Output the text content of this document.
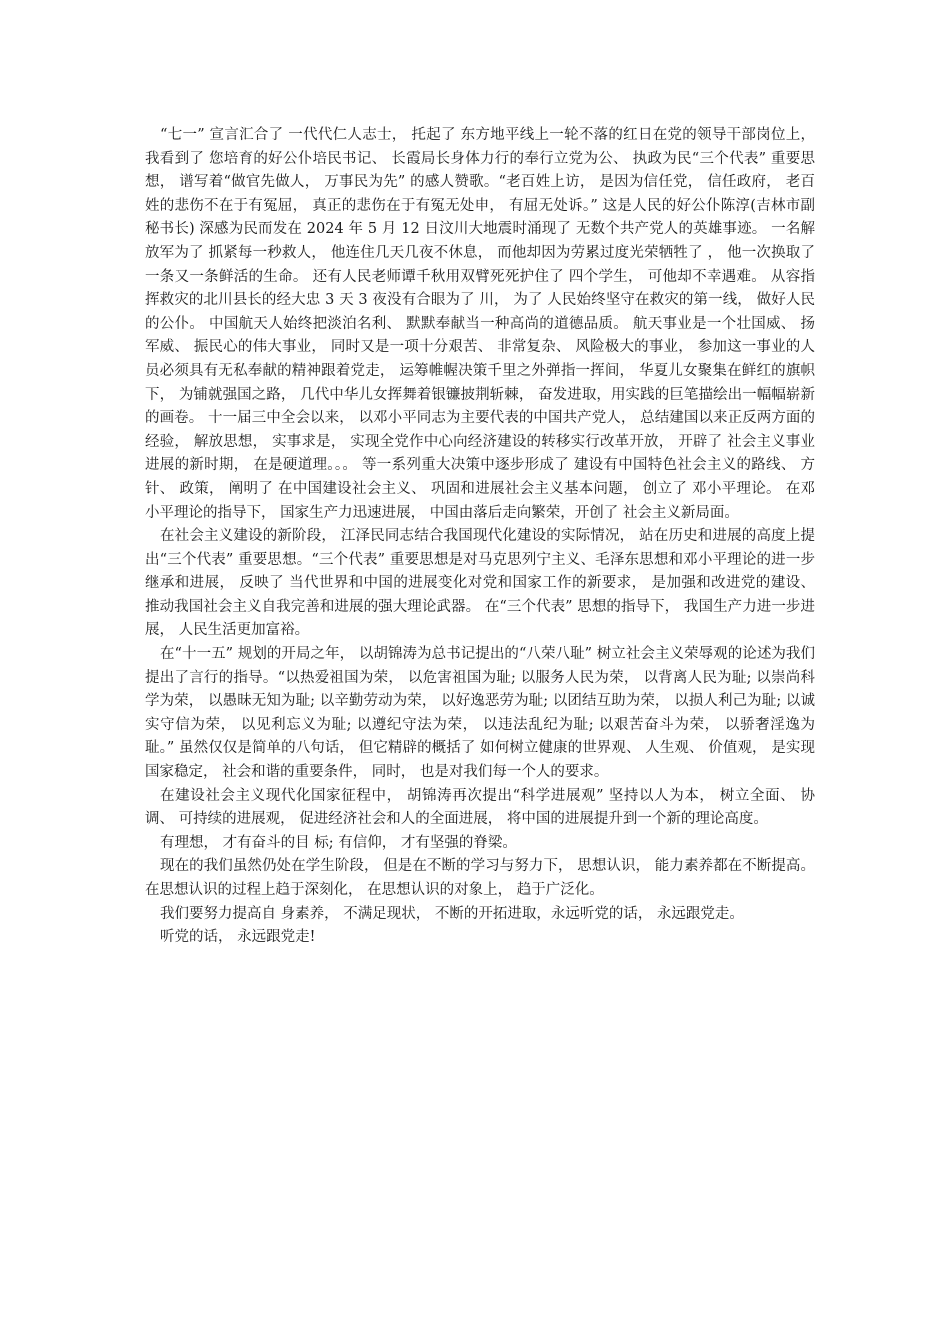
“七一” 宣言汇合了 一代代仁人志士， 托起了 东方地平线上一轮不落的红日在党的领导干部岗位上， 我看到了 您培育的好公仆培民书记、 长霞局长身体力行的奉行立党为公、 执政为民“三个代表” 重要思想， 谱写着“做官先做人， 万事民为先” 的感人赞歌。“老百姓上访， 是因为信任党， 信任政府， 老百姓的悲伤不在于有冤屈， 真正的悲伤在于有冤无处申， 有屈无处诉。” 这是人民的好公仆陈淳(吉林市副秘书长) 深感为民而发在 2024 年 5 月 12 日汶川大地震时涌现了 无数个共产党人的英雄事迹。 一名解放军为了 抓紧每一秒救人， 他连住几天几夜不休息， 而他却因为劳累过度光荣牺牲了 ， 他一次换取了 一条又一条鲜活的生命。 还有人民老师谭千秋用双臂死死护住了 四个学生， 可他却不幸遇难。 从容指挥救灾的北川县长的经大忠 3 天 3 夜没有合眼为了 川， 为了 人民始终坚守在救灾的第一线， 做好人民的公仆。 中国航天人始终把淡泊名利、 默默奉献当一种高尚的道德品质。 航天事业是一个壮国威、 扬军威、 振民心的伟大事业， 同时又是一项十分艰苦、 非常复杂、 风险极大的事业， 参加这一事业的人员必须具有无私奉献的精神跟着党走， 运筹帷幄决策千里之外弹指一挥间， 华夏儿女聚集在鲜红的旗帜下， 为铺就强国之路， 几代中华儿女挥舞着银镰披荆斩棘， 奋发进取，用实践的巨笔描绘出一幅幅崭新的画卷。 十一届三中全会以来， 以邓小平同志为主要代表的中国共产党人， 总结建国以来正反两方面的经验， 解放思想， 实事求是， 实现全党作中心向经济建设的转移实行改革开放， 开辟了 社会主义事业进展的新时期， 在是硬道理。。。 等一系列重大决策中逐步形成了 建设有中国特色社会主义的路线、 方针、 政策， 阐明了 在中国建设社会主义、 巩固和进展社会主义基本问题， 创立了 邓小平理论。 在邓小平理论的指导下， 国家生产力迅速进展， 中国由落后走向繁荣，开创了 社会主义新局面。

在社会主义建设的新阶段， 江泽民同志结合我国现代化建设的实际情况， 站在历史和进展的高度上提出“三个代表” 重要思想。“三个代表” 重要思想是对马克思列宁主义、毛泽东思想和邓小平理论的进一步继承和进展， 反映了 当代世界和中国的进展变化对党和国家工作的新要求， 是加强和改进党的建设、 推动我国社会主义自我完善和进展的强大理论武器。 在“三个代表” 思想的指导下， 我国生产力进一步进展， 人民生活更加富裕。

在“十一五” 规划的开局之年， 以胡锦涛为总书记提出的“八荣八耻” 树立社会主义荣辱观的论述为我们提出了言行的指导。“以热爱祖国为荣， 以危害祖国为耻; 以服务人民为荣， 以背离人民为耻; 以崇尚科学为荣， 以愚昧无知为耻; 以辛勤劳动为荣， 以好逸恶劳为耻; 以团结互助为荣， 以损人利己为耻; 以诚实守信为荣， 以见利忘义为耻; 以遵纪守法为荣， 以违法乱纪为耻; 以艰苦奋斗为荣， 以骄奢淫逸为耻。” 虽然仅仅是简单的八句话， 但它精辟的概括了 如何树立健康的世界观、 人生观、 价值观， 是实现国家稳定， 社会和谐的重要条件， 同时， 也是对我们每一个人的要求。

在建设社会主义现代化国家征程中， 胡锦涛再次提出“科学进展观” 坚持以人为本， 树立全面、 协调、 可持续的进展观， 促进经济社会和人的全面进展， 将中国的进展提升到一个新的理论高度。

有理想， 才有奋斗的目 标; 有信仰， 才有坚强的脊梁。

现在的我们虽然仍处在学生阶段， 但是在不断的学习与努力下， 思想认识， 能力素养都在不断提高。 在思想认识的过程上趋于深刻化， 在思想认识的对象上， 趋于广泛化。

我们要努力提高自 身素养， 不满足现状， 不断的开拓进取，永远听党的话， 永远跟党走。

听党的话， 永远跟党走!
